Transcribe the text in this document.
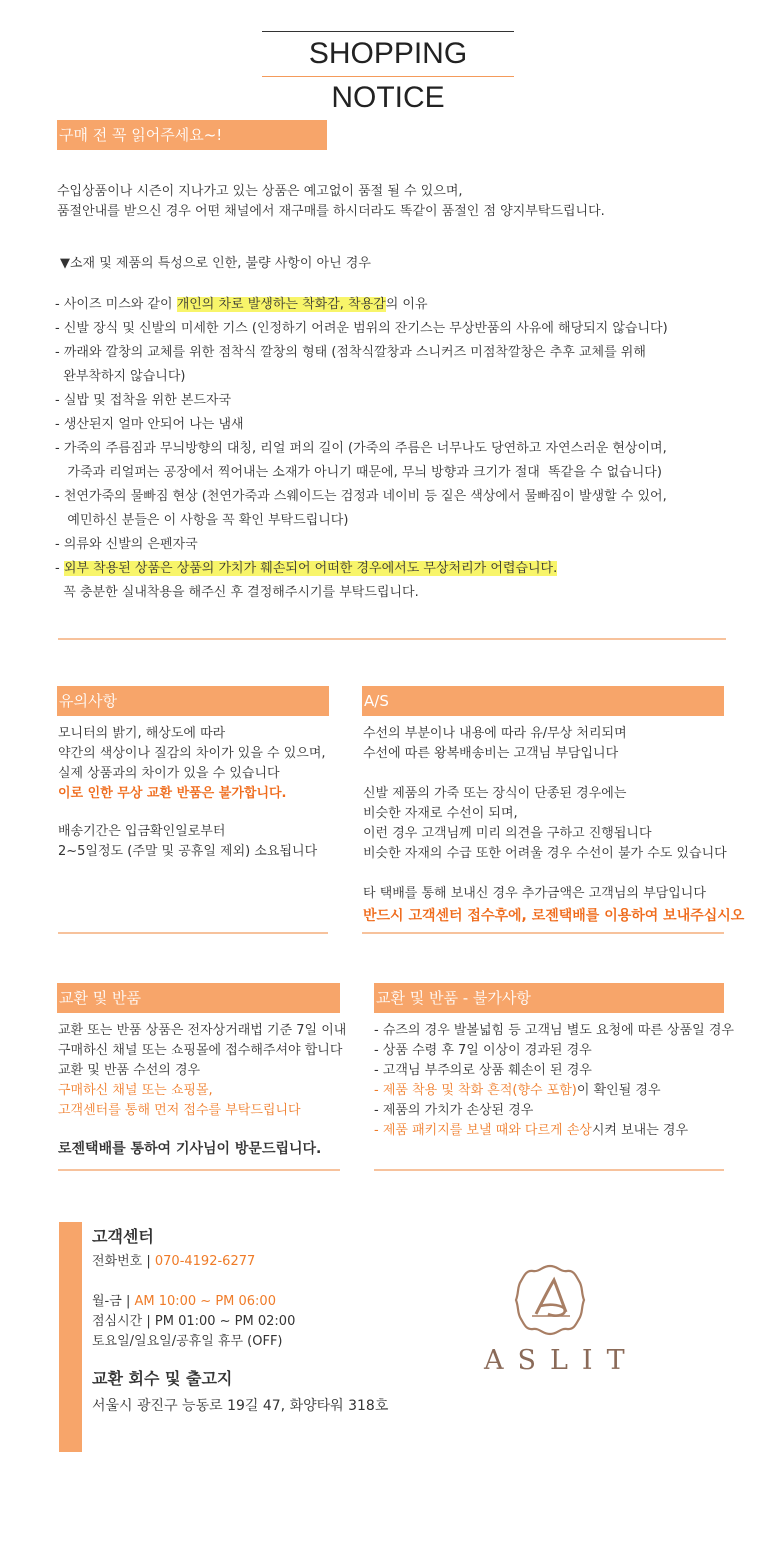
SHOPPING NOTICE
구매 전 꼭 읽어주세요~!
수입상품이나 시즌이 지나가고 있는 상품은 예고없이 품절 될 수 있으며,
품절안내를 받으신 경우 어떤 채널에서 재구매를 하시더라도 똑같이 품절인 점 양지부탁드립니다.
▼소재 및 제품의 특성으로 인한, 불량 사항이 아닌 경우
- 사이즈 미스와 같이 개인의 차로 발생하는 착화감, 착용감의 이유
- 신발 장식 및 신발의 미세한 기스 (인정하기 어려운 범위의 잔기스는 무상반품의 사유에 해당되지 않습니다)
- 까래와 깔창의 교체를 위한 점착식 깔창의 형태 (점착식깔창과 스니커즈 미점착깔창은 추후 교체를 위해
완부착하지 않습니다)
- 실밥 및 접착을 위한 본드자국
- 생산된지 얼마 안되어 나는 냄새
- 가죽의 주름짐과 무늬방향의 대칭, 리얼 퍼의 길이 (가죽의 주름은 너무나도 당연하고 자연스러운 현상이며,
가죽과 리얼퍼는 공장에서 찍어내는 소재가 아니기 때문에, 무늬 방향과 크기가 절대  똑같을 수 없습니다)
- 천연가죽의 물빠짐 현상 (천연가죽과 스웨이드는 검정과 네이비 등 짙은 색상에서 물빠짐이 발생할 수 있어,
예민하신 분들은 이 사항을 꼭 확인 부탁드립니다)
- 의류와 신발의 은펜자국
- 외부 착용된 상품은 상품의 가치가 훼손되어 어떠한 경우에서도 무상처리가 어렵습니다.
꼭 충분한 실내착용을 해주신 후 결정해주시기를 부탁드립니다.
유의사항
모니터의 밝기, 해상도에 따라
약간의 색상이나 질감의 차이가 있을 수 있으며,
실제 상품과의 차이가 있을 수 있습니다
이로 인한 무상 교환 반품은 불가합니다.
배송기간은 입금확인일로부터
2~5일정도 (주말 및 공휴일 제외) 소요됩니다
A/S
수선의 부분이나 내용에 따라 유/무상 처리되며
수선에 따른 왕복배송비는 고객님 부담입니다
신발 제품의 가죽 또는 장식이 단종된 경우에는
비슷한 자재로 수선이 되며,
이런 경우 고객님께 미리 의견을 구하고 진행됩니다
비슷한 자재의 수급 또한 어려울 경우 수선이 불가 수도 있습니다
타 택배를 통해 보내신 경우 추가금액은 고객님의 부담입니다
반드시 고객센터 접수후에, 로젠택배를 이용하여 보내주십시오
교환 및 반품
교환 또는 반품 상품은 전자상거래법 기준 7일 이내
구매하신 채널 또는 쇼핑몰에 접수해주셔야 합니다
교환 및 반품 수선의 경우
구매하신 채널 또는 쇼핑몰,
고객센터를 통해 먼저 접수를 부탁드립니다
로젠택배를 통하여 기사님이 방문드립니다.
교환 및 반품 - 불가사항
- 슈즈의 경우 발볼넓힘 등 고객님 별도 요청에 따른 상품일 경우
- 상품 수령 후 7일 이상이 경과된 경우
- 고객님 부주의로 상품 훼손이 된 경우
- 제품 착용 및 착화 흔적(향수 포함)이 확인될 경우
- 제품의 가치가 손상된 경우
- 제품 패키지를 보낼 때와 다르게 손상시켜 보내는 경우
고객센터
전화번호 | 070-4192-6277
월-금 | AM 10:00 ~ PM 06:00
점심시간 | PM 01:00 ~ PM 02:00
토요일/일요일/공휴일 휴무 (OFF)
교환 회수 및 출고지
서울시 광진구 능동로 19길 47, 화양타워 318호
ASLIT
